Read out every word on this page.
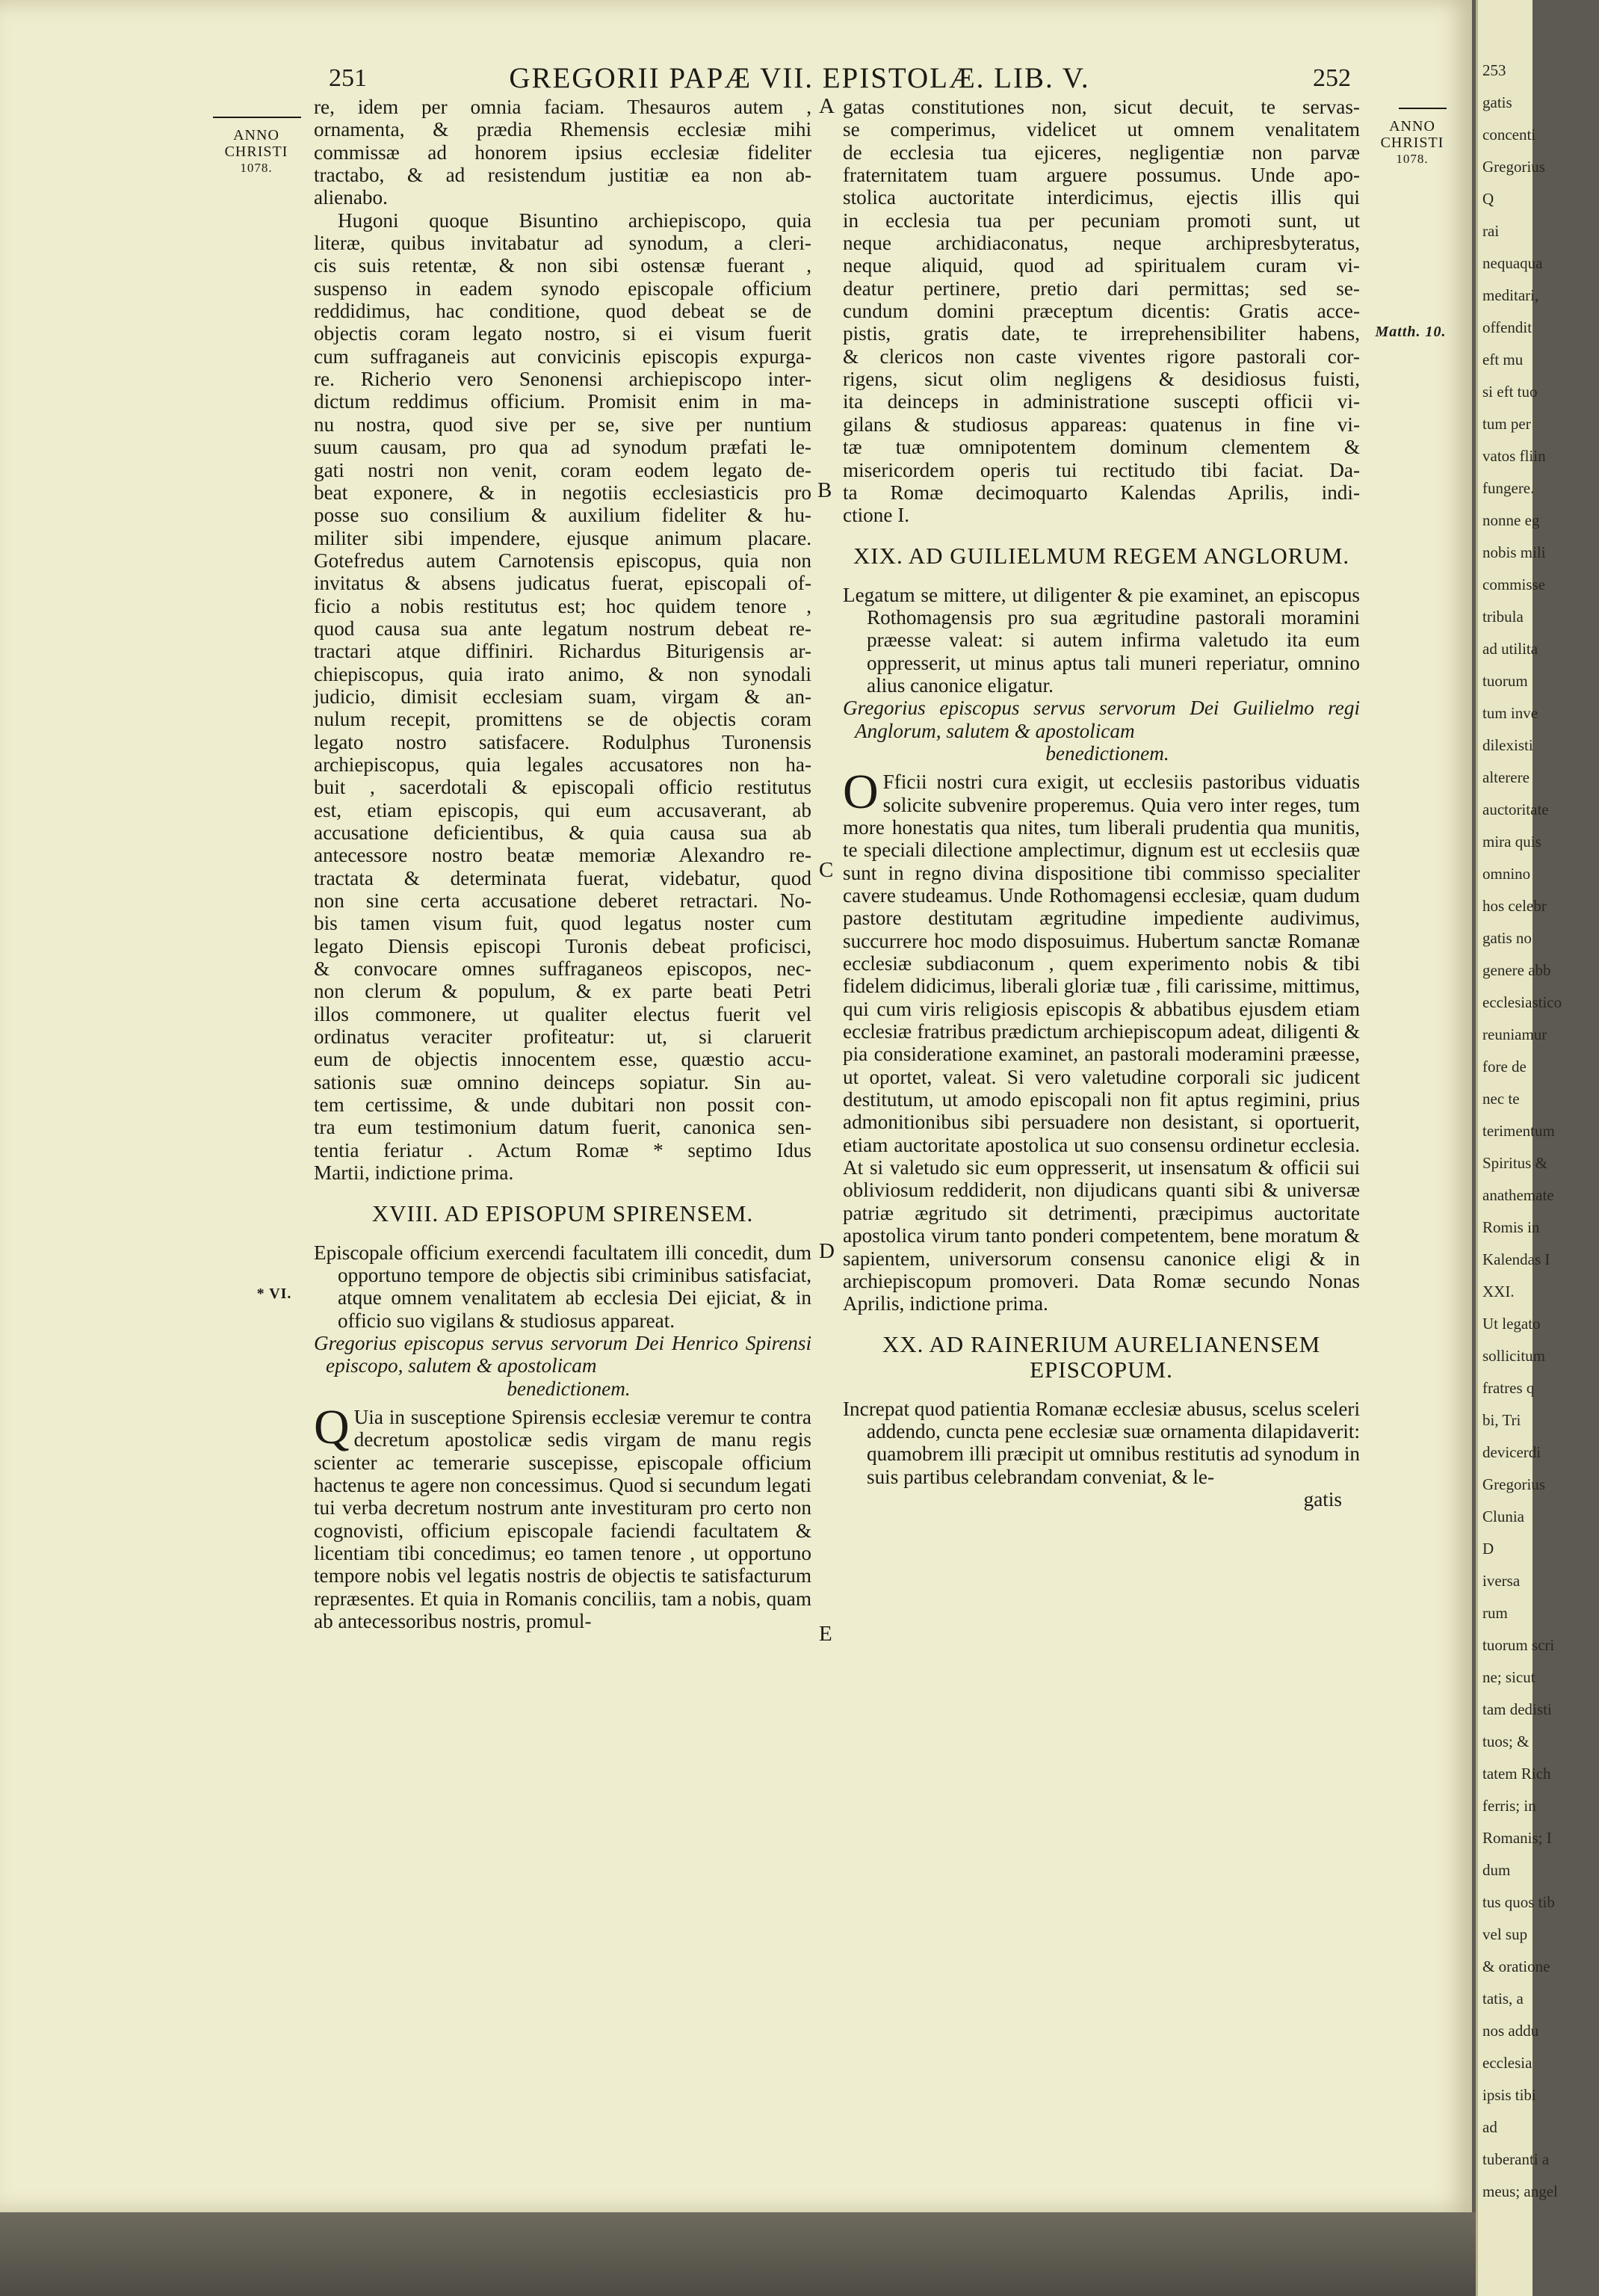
253
gatis
concenti
Gregorius
Q
rai
nequaqua
meditari,
offendit
eft mu
si eft tuo
tum per
vatos fliin
fungere.
nonne eg
nobis mili
commisse
tribula
ad utilita
tuorum
tum inve
dilexisti
alterere
auctoritate
mira quis
omnino
hos celebr
gatis no
genere abb
ecclesiastico
reuniamur
fore de
nec te
terimentum
Spiritus &
anathemate
Romis in
Kalendas I
XXI.
Ut legato
sollicitum
fratres q
bi, Tri
devicerdi
Gregorius
Clunia
D
iversa
rum
tuorum scri
ne; sicut
tam dedisti
tuos; &
tatem Rich
ferris; in
Romanis; I
dum
tus quos tib
vel sup
& oratione
tatis, a
nos addu
ecclesia
ipsis tibi
ad
tuberanti a
meus; angel
251	GREGORII PAPÆ VII. EPISTOLÆ. LIB. V.	252
ANNO
CHRISTI
1078.
ANNO
CHRISTI
1078.
* VI.
Matth. 10.
A
B
C
D
E
re, idem per omnia faciam. Thesauros autem ,
ornamenta, & prædia Rhemensis ecclesiæ mihi
commissæ ad honorem ipsius ecclesiæ fideliter
tractabo, & ad resistendum justitiæ ea non ab-
alienabo.
Hugoni quoque Bisuntino archiepiscopo, quia
literæ, quibus invitabatur ad synodum, a cleri-
cis suis retentæ, & non sibi ostensæ fuerant ,
suspenso in eadem synodo episcopale officium
reddidimus, hac conditione, quod debeat se de
objectis coram legato nostro, si ei visum fuerit
cum suffraganeis aut convicinis episcopis expurga-
re. Richerio vero Senonensi archiepiscopo inter-
dictum reddimus officium. Promisit enim in ma-
nu nostra, quod sive per se, sive per nuntium
suum causam, pro qua ad synodum præfati le-
gati nostri non venit, coram eodem legato de-
beat exponere, & in negotiis ecclesiasticis pro
posse suo consilium & auxilium fideliter & hu-
militer sibi impendere, ejusque animum placare.
Gotefredus autem Carnotensis episcopus, quia non
invitatus & absens judicatus fuerat, episcopali of-
ficio a nobis restitutus est; hoc quidem tenore ,
quod causa sua ante legatum nostrum debeat re-
tractari atque diffiniri. Richardus Biturigensis ar-
chiepiscopus, quia irato animo, & non synodali
judicio, dimisit ecclesiam suam, virgam & an-
nulum recepit, promittens se de objectis coram
legato nostro satisfacere. Rodulphus Turonensis
archiepiscopus, quia legales accusatores non ha-
buit , sacerdotali & episcopali officio restitutus
est, etiam episcopis, qui eum accusaverant, ab
accusatione deficientibus, & quia causa sua ab
antecessore nostro beatæ memoriæ Alexandro re-
tractata & determinata fuerat, videbatur, quod
non sine certa accusatione deberet retractari. No-
bis tamen visum fuit, quod legatus noster cum
legato Diensis episcopi Turonis debeat proficisci,
& convocare omnes suffraganeos episcopos, nec-
non clerum & populum, & ex parte beati Petri
illos commonere, ut qualiter electus fuerit vel
ordinatus veraciter profiteatur: ut, si claruerit
eum de objectis innocentem esse, quæstio accu-
sationis suæ omnino deinceps sopiatur. Sin au-
tem certissime, & unde dubitari non possit con-
tra eum testimonium datum fuerit, canonica sen-
tentia feriatur . Actum Romæ * septimo Idus
Martii, indictione prima.
XVIII. AD EPISOPUM SPIRENSEM.

Episcopale officium exercendi facultatem illi concedit, dum opportuno tempore de objectis sibi criminibus satisfaciat, atque omnem venalitatem ab ecclesia Dei ejiciat, & in officio suo vigilans & studiosus appareat.

Gregorius episcopus servus servorum Dei Henrico Spirensi episcopo, salutem & apostolicam
benedictionem.

Q Uia in susceptione Spirensis ecclesiæ veremur te contra decretum apostolicæ sedis virgam de manu regis scienter ac temerarie suscepisse, episcopale officium hactenus te agere non concessimus. Quod si secundum legati tui verba decretum nostrum ante investituram pro certo non cognovisti, officium episcopale faciendi facultatem & licentiam tibi concedimus; eo tamen tenore , ut opportuno tempore nobis vel legatis nostris de objectis te satisfacturum repræsentes. Et quia in Romanis conciliis, tam a nobis, quam ab antecessoribus nostris, promul-

gatas constitutiones non, sicut decuit, te servas-
se comperimus, videlicet ut omnem venalitatem
de ecclesia tua ejiceres, negligentiæ non parvæ
fraternitatem tuam arguere possumus. Unde apo-
stolica auctoritate interdicimus, ejectis illis qui
in ecclesia tua per pecuniam promoti sunt, ut
neque archidiaconatus, neque archipresbyteratus,
neque aliquid, quod ad spiritualem curam vi-
deatur pertinere, pretio dari permittas; sed se-
cundum domini præceptum dicentis: Gratis acce-
pistis, gratis date, te irreprehensibiliter habens,
& clericos non caste viventes rigore pastorali cor-
rigens, sicut olim negligens & desidiosus fuisti,
ita deinceps in administratione suscepti officii vi-
gilans & studiosus appareas: quatenus in fine vi-
tæ tuæ omnipotentem dominum clementem &
misericordem operis tui rectitudo tibi faciat. Da-
ta Romæ decimoquarto Kalendas Aprilis, indi-
ctione I.
XIX. AD GUILIELMUM REGEM ANGLORUM.

Legatum se mittere, ut diligenter & pie examinet, an episcopus Rothomagensis pro sua ægritudine pastorali moramini præesse valeat: si autem infirma valetudo ita eum oppresserit, ut minus aptus tali muneri reperiatur, omnino alius canonice eligatur.

Gregorius episcopus servus servorum Dei Guilielmo regi Anglorum, salutem & apostolicam
benedictionem.

O Fficii nostri cura exigit, ut ecclesiis pastoribus viduatis solicite subvenire properemus. Quia vero inter reges, tum more honestatis qua nites, tum liberali prudentia qua munitis, te speciali dilectione amplectimur, dignum est ut ecclesiis quæ sunt in regno divina dispositione tibi commisso specialiter cavere studeamus. Unde Rothomagensi ecclesiæ, quam dudum pastore destitutam ægritudine impediente audivimus, succurrere hoc modo disposuimus. Hubertum sanctæ Romanæ ecclesiæ subdiaconum , quem experimento nobis & tibi fidelem didicimus, liberali gloriæ tuæ , fili carissime, mittimus, qui cum viris religiosis episcopis & abbatibus ejusdem etiam ecclesiæ fratribus prædictum archiepiscopum adeat, diligenti & pia consideratione examinet, an pastorali moderamini præesse, ut oportet, valeat. Si vero valetudine corporali sic judicent destitutum, ut amodo episcopali non fit aptus regimini, prius admonitionibus sibi persuadere non desistant, si oportuerit, etiam auctoritate apostolica ut suo consensu ordinetur ecclesia. At si valetudo sic eum oppresserit, ut insensatum & officii sui obliviosum reddiderit, non dijudicans quanti sibi & universæ patriæ ægritudo sit detrimenti, præcipimus auctoritate apostolica virum tanto ponderi competentem, bene moratum & sapientem, universorum consensu canonice eligi & in archiepiscopum promoveri. Data Romæ secundo Nonas Aprilis, indictione prima.

XX. AD RAINERIUM AURELIANENSEM EPISCOPUM.

Increpat quod patientia Romanæ ecclesiæ abusus, scelus sceleri addendo, cuncta pene ecclesiæ suæ ornamenta dilapidaverit: quamobrem illi præcipit ut omnibus restitutis ad synodum in suis partibus celebrandam conveniat, & le-

gatis
